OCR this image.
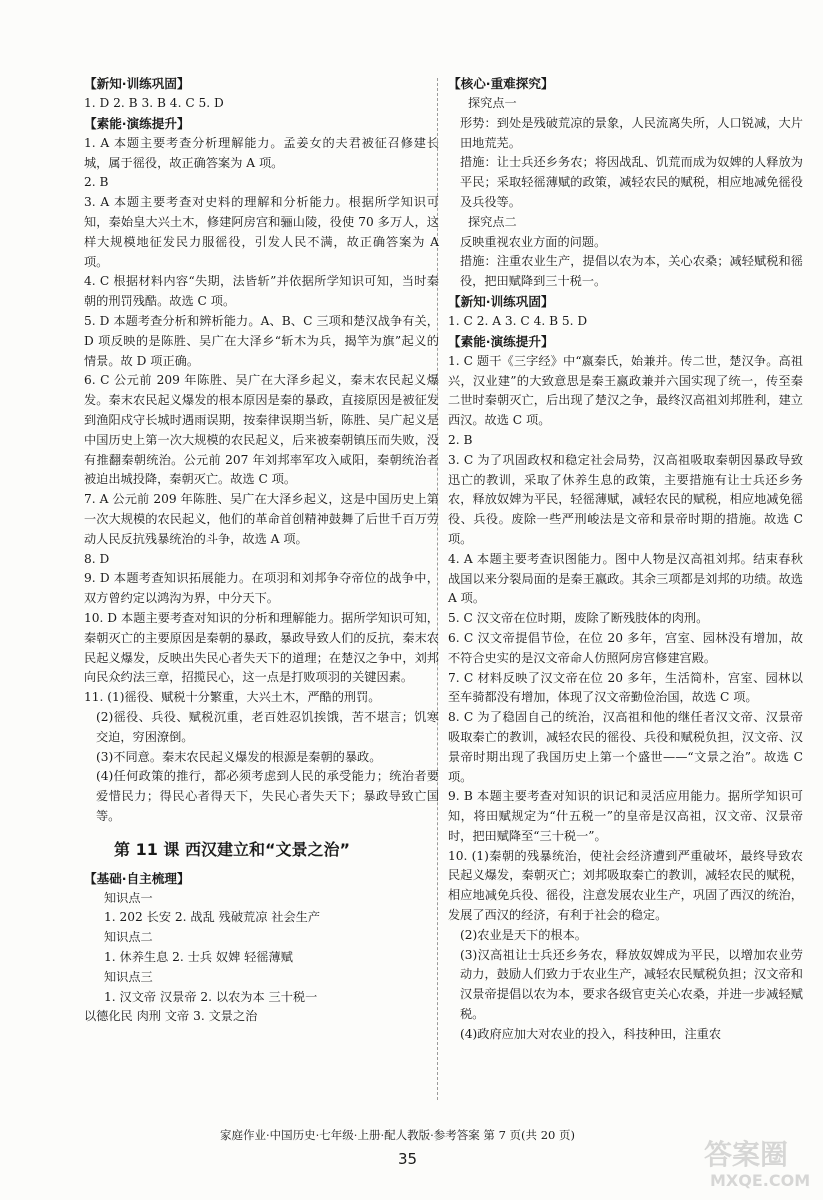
【新知·训练巩固】

1. D 2. B 3. B 4. C 5. D

【素能·演练提升】

1. A 本题主要考查分析理解能力。孟姜女的夫君被征召修建长城，属于徭役，故正确答案为 A 项。

2. B

3. A 本题主要考查对史料的理解和分析能力。根据所学知识可知，秦始皇大兴土木，修建阿房宫和骊山陵，役使 70 多万人，这样大规模地征发民力服徭役，引发人民不满，故正确答案为 A 项。

4. C 根据材料内容“失期，法皆斩”并依据所学知识可知，当时秦朝的刑罚残酷。故选 C 项。

5. D 本题考查分析和辨析能力。A、B、C 三项和楚汉战争有关，D 项反映的是陈胜、吴广在大泽乡“斩木为兵，揭竿为旗”起义的情景。故 D 项正确。

6. C 公元前 209 年陈胜、吴广在大泽乡起义，秦末农民起义爆发。秦末农民起义爆发的根本原因是秦的暴政，直接原因是被征发到渔阳戍守长城时遇雨误期，按秦律误期当斩，陈胜、吴广起义是中国历史上第一次大规模的农民起义，后来被秦朝镇压而失败，没有推翻秦朝统治。公元前 207 年刘邦率军攻入咸阳，秦朝统治者被迫出城投降，秦朝灭亡。故选 C 项。

7. A 公元前 209 年陈胜、吴广在大泽乡起义，这是中国历史上第一次大规模的农民起义，他们的革命首创精神鼓舞了后世千百万劳动人民反抗残暴统治的斗争，故选 A 项。

8. D

9. D 本题考查知识拓展能力。在项羽和刘邦争夺帝位的战争中，双方曾约定以鸿沟为界，中分天下。

10. D 本题主要考查对知识的分析和理解能力。据所学知识可知，秦朝灭亡的主要原因是秦朝的暴政，暴政导致人们的反抗，秦末农民起义爆发，反映出失民心者失天下的道理；在楚汉之争中，刘邦向民众约法三章，招揽民心，这一点是打败项羽的关键因素。

11. (1)徭役、赋税十分繁重，大兴土木，严酷的刑罚。

(2)徭役、兵役、赋税沉重，老百姓忍饥挨饿，苦不堪言；饥寒交迫，穷困潦倒。

(3)不同意。秦末农民起义爆发的根源是秦朝的暴政。

(4)任何政策的推行，都必须考虑到人民的承受能力；统治者要爱惜民力；得民心者得天下，失民心者失天下；暴政导致亡国等。

第 11 课 西汉建立和“文景之治”

【基础·自主梳理】

知识点一

1. 202 长安 2. 战乱 残破荒凉 社会生产

知识点二

1. 休养生息 2. 士兵 奴婢 轻徭薄赋

知识点三

1. 汉文帝 汉景帝 2. 以农为本 三十税一

以德化民 肉刑 文帝 3. 文景之治

【核心·重难探究】

探究点一

形势：到处是残破荒凉的景象，人民流离失所，人口锐减，大片田地荒芜。

措施：让士兵还乡务农；将因战乱、饥荒而成为奴婢的人释放为平民；采取轻徭薄赋的政策，减轻农民的赋税，相应地减免徭役及兵役等。

探究点二

反映重视农业方面的问题。

措施：注重农业生产，提倡以农为本，关心农桑；减轻赋税和徭役，把田赋降到三十税一。

【新知·训练巩固】

1. C 2. A 3. C 4. B 5. D

【素能·演练提升】

1. C 题干《三字经》中“嬴秦氏，始兼并。传二世，楚汉争。高祖兴，汉业建”的大致意思是秦王嬴政兼并六国实现了统一，传至秦二世时秦朝灭亡，后出现了楚汉之争，最终汉高祖刘邦胜利，建立西汉。故选 C 项。

2. B

3. C 为了巩固政权和稳定社会局势，汉高祖吸取秦朝因暴政导致迅亡的教训，采取了休养生息的政策，主要措施有让士兵还乡务农，释放奴婢为平民，轻徭薄赋，减轻农民的赋税，相应地减免徭役、兵役。废除一些严刑峻法是文帝和景帝时期的措施。故选 C 项。

4. A 本题主要考查识图能力。图中人物是汉高祖刘邦。结束春秋战国以来分裂局面的是秦王嬴政。其余三项都是刘邦的功绩。故选 A 项。

5. C 汉文帝在位时期，废除了断残肢体的肉刑。

6. C 汉文帝提倡节俭，在位 20 多年，宫室、园林没有增加，故不符合史实的是汉文帝命人仿照阿房宫修建宫殿。

7. C 材料反映了汉文帝在位 20 多年，生活简朴，宫室、园林以至车骑都没有增加，体现了汉文帝勤俭治国，故选 C 项。

8. C 为了稳固自己的统治，汉高祖和他的继任者汉文帝、汉景帝吸取秦亡的教训，减轻农民的徭役、兵役和赋税负担，汉文帝、汉景帝时期出现了我国历史上第一个盛世——“文景之治”。故选 C 项。

9. B 本题主要考查对知识的识记和灵活应用能力。据所学知识可知，将田赋规定为“什五税一”的皇帝是汉高祖，汉文帝、汉景帝时，把田赋降至“三十税一”。

10. (1)秦朝的残暴统治，使社会经济遭到严重破坏，最终导致农民起义爆发，秦朝灭亡；刘邦吸取秦亡的教训，减轻农民的赋税，相应地减免兵役、徭役，注意发展农业生产，巩固了西汉的统治，发展了西汉的经济，有利于社会的稳定。

(2)农业是天下的根本。

(3)汉高祖让士兵还乡务农，释放奴婢成为平民，以增加农业劳动力，鼓励人们致力于农业生产，减轻农民赋税负担；汉文帝和汉景帝提倡以农为本，要求各级官吏关心农桑，并进一步减轻赋税。

(4)政府应加大对农业的投入，科技种田，注重农

家庭作业·中国历史·七年级·上册·配人教版·参考答案 第 7 页(共 20 页)
35	答案圈
MXQE.COM
